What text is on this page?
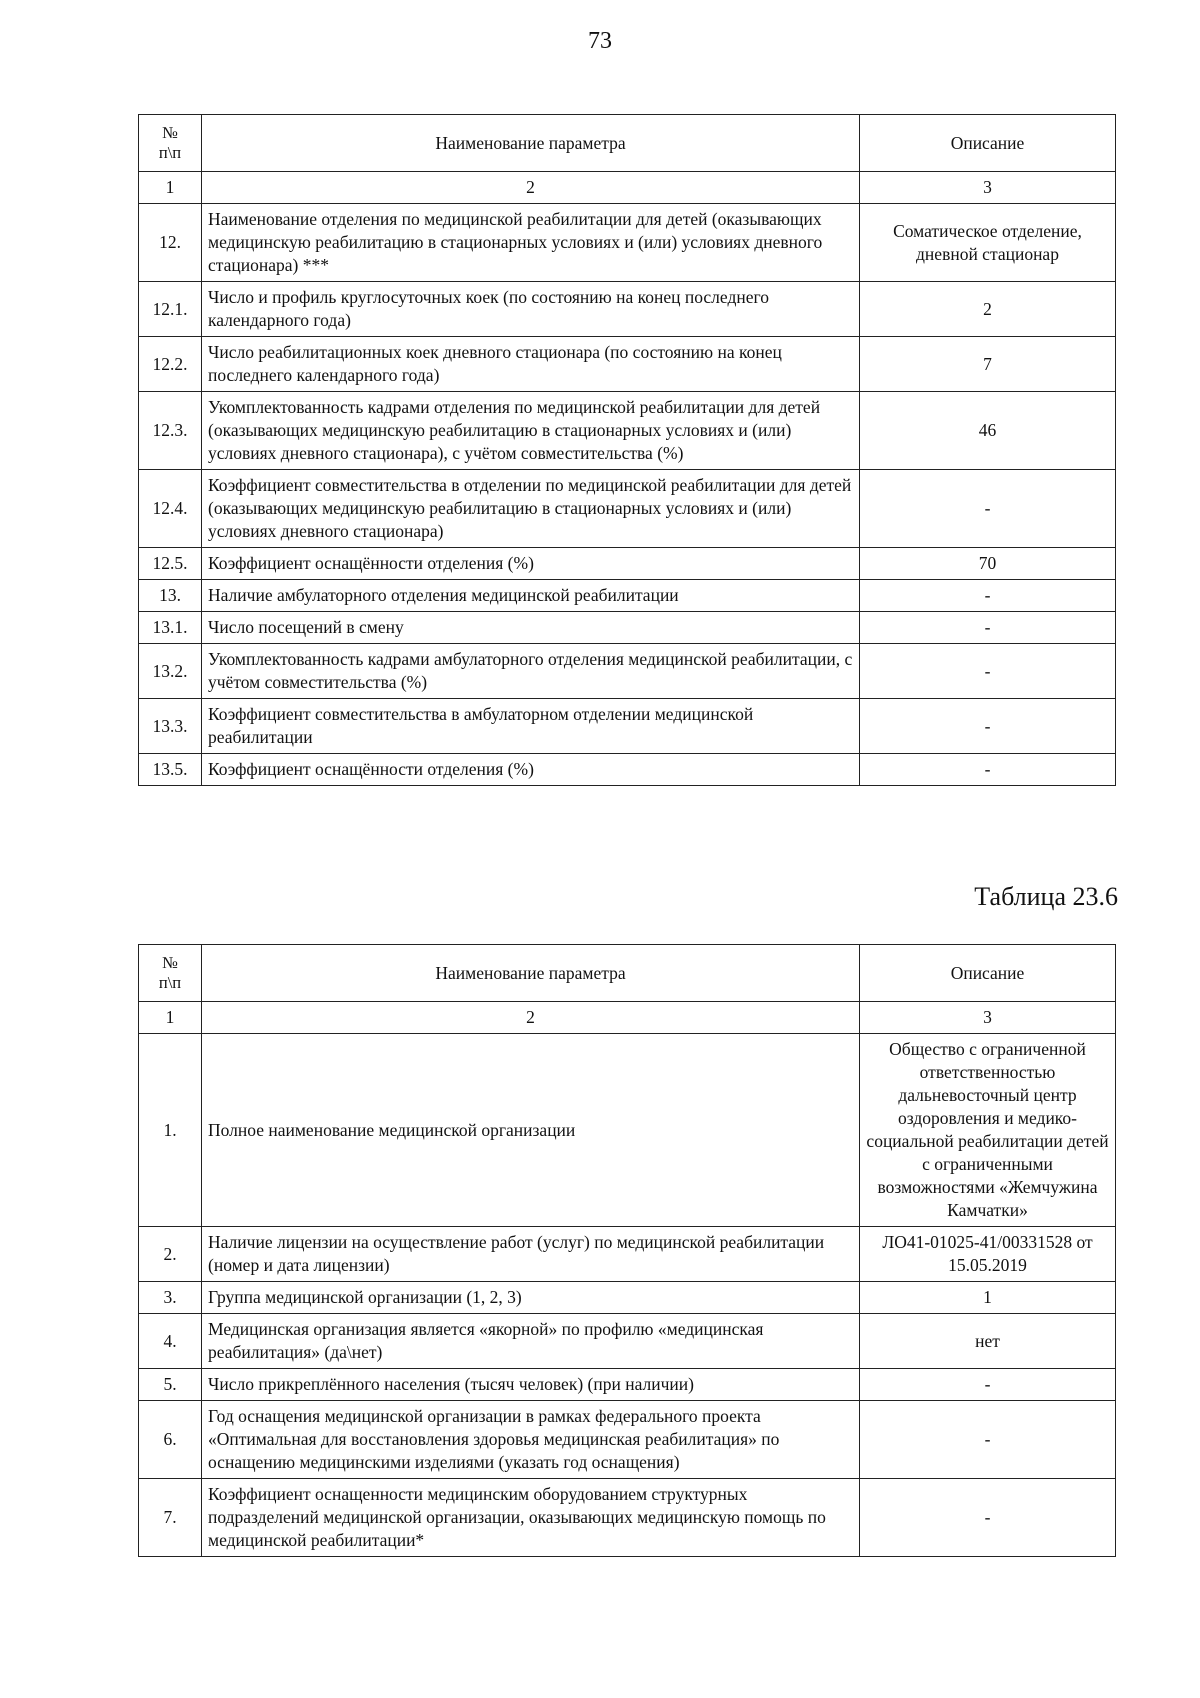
73
№
п\п	Наименование параметра	Описание
1	2	3
12.	Наименование отделения по медицинской реабилитации для детей (оказывающих медицинскую реабилитацию в стационарных условиях и (или) условиях дневного стационара) ***	Соматическое отделение, дневной стационар
12.1.	Число и профиль круглосуточных коек (по состоянию на конец последнего календарного года)	2
12.2.	Число реабилитационных коек дневного стационара (по состоянию на конец последнего календарного года)	7
12.3.	Укомплектованность кадрами отделения по медицинской реабилитации для детей (оказывающих медицинскую реабилитацию в стационарных условиях и (или) условиях дневного стационара), с учётом совместительства (%)	46
12.4.	Коэффициент совместительства в отделении по медицинской реабилитации для детей (оказывающих медицинскую реабилитацию в стационарных условиях и (или) условиях дневного стационара)	-
12.5.	Коэффициент оснащённости отделения (%)	70
13.	Наличие амбулаторного отделения медицинской реабилитации	-
13.1.	Число посещений в смену	-
13.2.	Укомплектованность кадрами амбулаторного отделения медицинской реабилитации, с учётом совместительства (%)	-
13.3.	Коэффициент совместительства в амбулаторном отделении медицинской реабилитации	-
13.5.	Коэффициент оснащённости отделения (%)	-
Таблица 23.6
№
п\п	Наименование параметра	Описание
1	2	3
1.	Полное наименование медицинской организации	Общество с ограниченной ответственностью дальневосточный центр оздоровления и медико-социальной реабилитации детей с ограниченными возможностями «Жемчужина Камчатки»
2.	Наличие лицензии на осуществление работ (услуг) по медицинской реабилитации (номер и дата лицензии)	ЛО41-01025-41/00331528 от 15.05.2019
3.	Группа медицинской организации (1, 2, 3)	1
4.	Медицинская организация является «якорной» по профилю «медицинская реабилитация» (да\нет)	нет
5.	Число прикреплённого населения (тысяч человек) (при наличии)	-
6.	Год оснащения медицинской организации в рамках федерального проекта «Оптимальная для восстановления здоровья медицинская реабилитация» по оснащению медицинскими изделиями (указать год оснащения)	-
7.	Коэффициент оснащенности медицинским оборудованием структурных подразделений медицинской организации, оказывающих медицинскую помощь по медицинской реабилитации*	-
